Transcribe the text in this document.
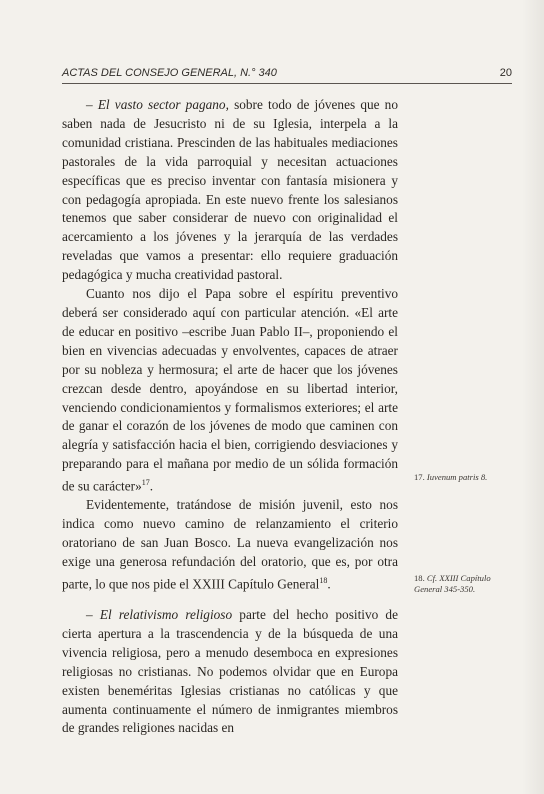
ACTAS DEL CONSEJO GENERAL, N.° 340	20

– El vasto sector pagano, sobre todo de jóvenes que no saben nada de Jesucristo ni de su Iglesia, interpela a la comunidad cristiana. Prescinden de las habituales mediaciones pastorales de la vida parroquial y necesitan actuaciones específicas que es preciso inventar con fantasía misionera y con pedagogía apropiada. En este nuevo frente los salesianos tenemos que saber considerar de nuevo con originalidad el acercamiento a los jóvenes y la jerarquía de las verdades reveladas que vamos a presentar: ello requiere graduación pedagógica y mucha creatividad pastoral.

Cuanto nos dijo el Papa sobre el espíritu preventivo deberá ser considerado aquí con particular atención. «El arte de educar en positivo –escribe Juan Pablo II–, proponiendo el bien en vivencias adecuadas y envolventes, capaces de atraer por su nobleza y hermosura; el arte de hacer que los jóvenes crezcan desde dentro, apoyándose en su libertad interior, venciendo condicionamientos y formalismos exteriores; el arte de ganar el corazón de los jóvenes de modo que caminen con alegría y satisfacción hacia el bien, corrigiendo desviaciones y preparando para el mañana por medio de un sólida formación de su carácter»$^{17}$.

Evidentemente, tratándose de misión juvenil, esto nos indica como nuevo camino de relanzamiento el criterio oratoriano de san Juan Bosco. La nueva evangelización nos exige una generosa refundación del oratorio, que es, por otra parte, lo que nos pide el XXIII Capítulo General$^{18}$.

– El relativismo religioso parte del hecho positivo de cierta apertura a la trascendencia y de la búsqueda de una vivencia religiosa, pero a menudo desemboca en expresiones religiosas no cristianas. No podemos olvidar que en Europa existen beneméritas Iglesias cristianas no católicas y que aumenta continuamente el número de inmigrantes miembros de grandes religiones nacidas en

17. Iuvenum patris 8.
18. Cf. XXIII Capítulo General 345-350.
